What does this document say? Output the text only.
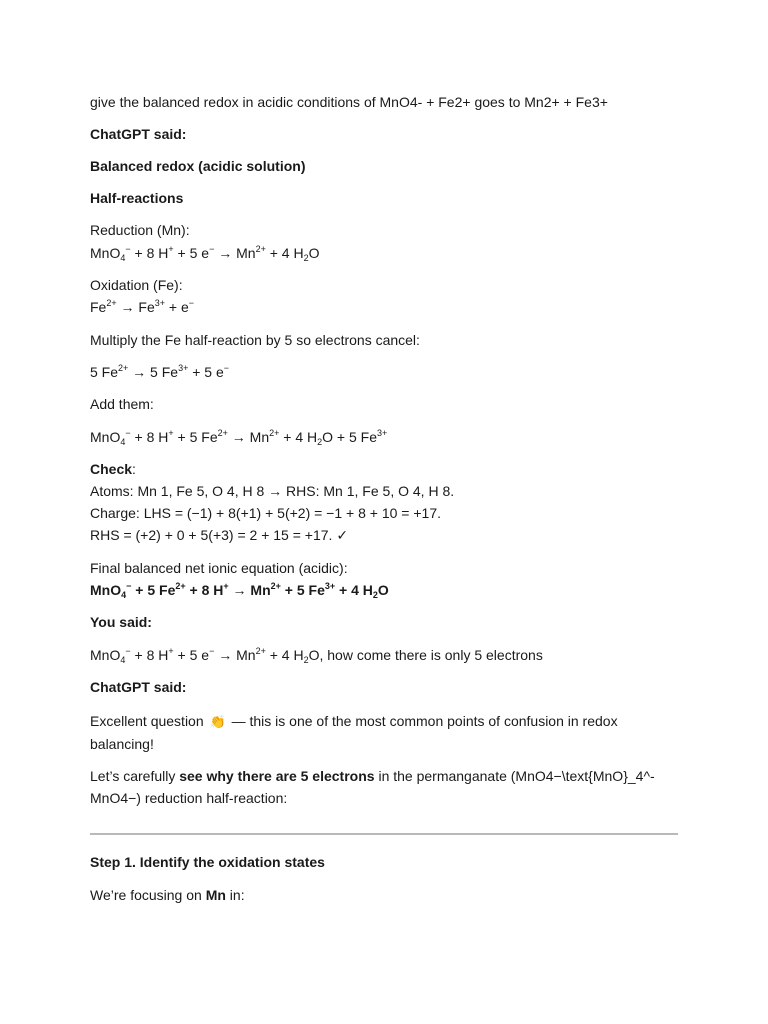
give the balanced redox in acidic conditions of MnO4- + Fe2+ goes to Mn2+ + Fe3+
ChatGPT said:
Balanced redox (acidic solution)
Half-reactions
Reduction (Mn):
MnO$_4$− + 8 H+ + 5 $e^- \to Mn^{2+} + 4$ $H_2O$
Oxidation (Fe):
$Fe^{2+} \to Fe^{3+} + e^-$
Multiply the Fe half-reaction by 5 so electrons cancel:
5 $Fe^{2+} \to 5$ $Fe^{3+} + 5$ e−
Add them:
MnO$_4$− + 8 H+ + 5 $Fe^{2+} \to Mn^{2+} + 4$ $H_2O + 5$ $Fe^{3+}$
Check:
Atoms: Mn 1, Fe 5, O 4, H 8 → RHS: Mn 1, Fe 5, O 4, H 8.
Charge: LHS = (−1) + 8(+1) + 5(+2) = −1 + 8 + 10 = +17.
RHS = (+2) + 0 + 5(+3) = 2 + 15 = +17. ✓
Final balanced net ionic equation (acidic):
MnO$_4$− + 5 $Fe^{2+} + 8$ $H^+ \to Mn^{2+} + 5$ $Fe^{3+} + 4$ $H_2O$
You said:
MnO$_4$− + 8 H+ + 5 $e^- \to Mn^{2+} + 4$ $H_2O$, how come there is only 5 electrons
ChatGPT said:
Excellent question 👏 — this is one of the most common points of confusion in redox balancing!
Let’s carefully see why there are 5 electrons in the permanganate (MnO4−\text{MnO}_4^-MnO4−) reduction half-reaction:
Step 1. Identify the oxidation states
We’re focusing on Mn in:
